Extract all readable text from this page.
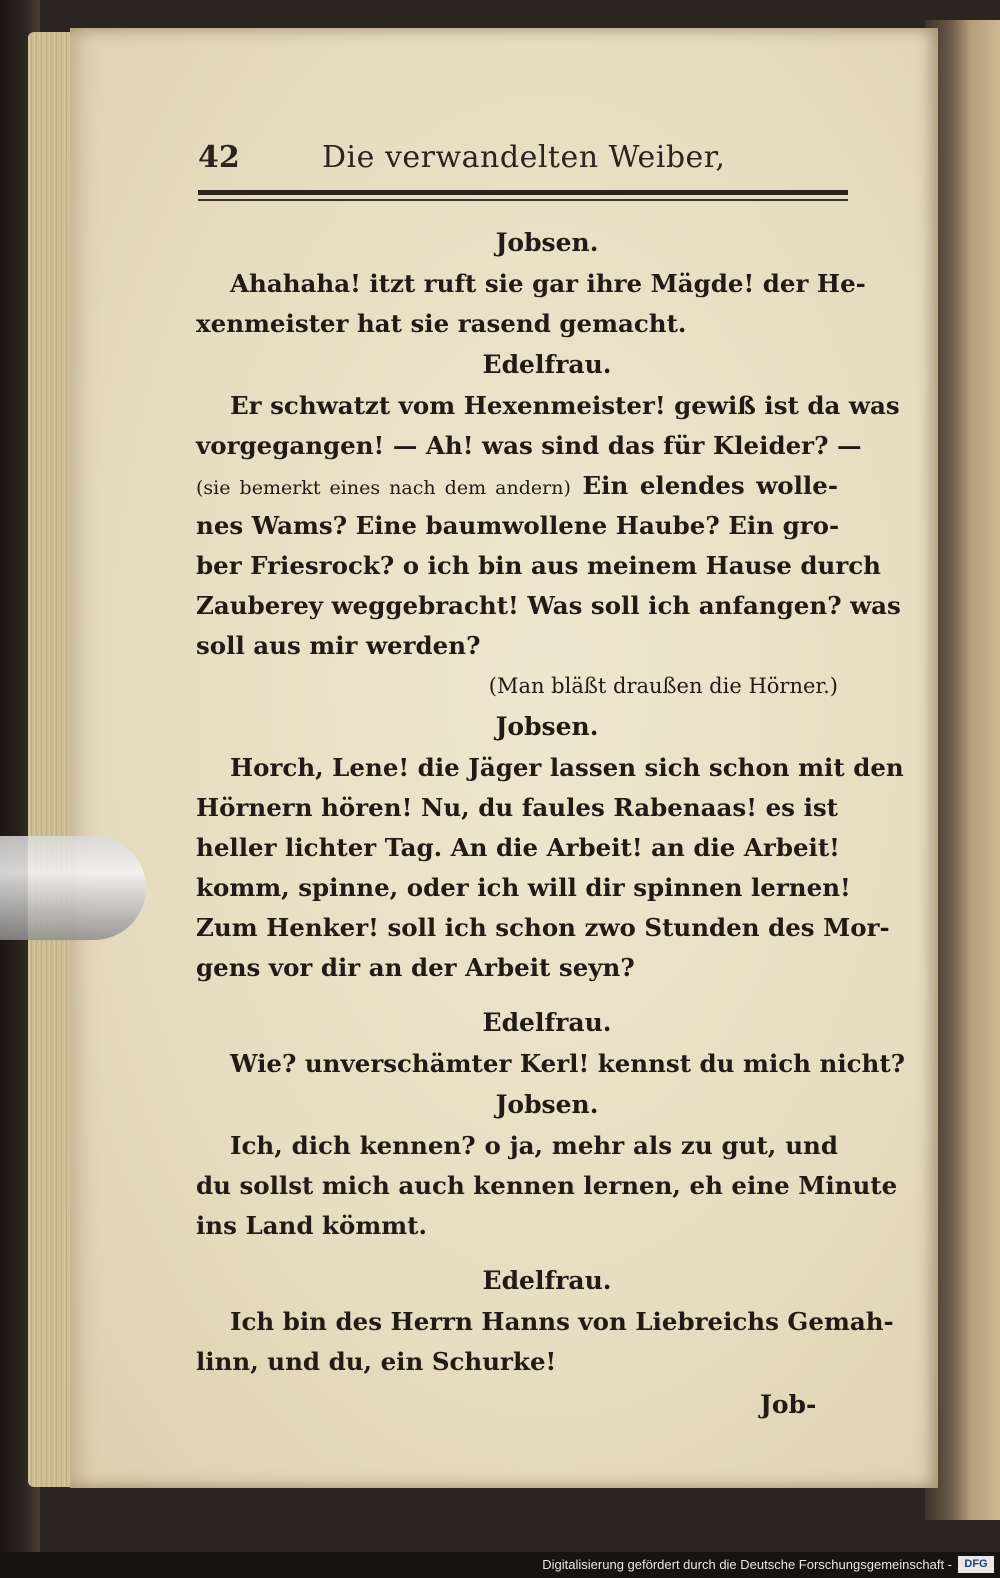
42	Die verwandelten Weiber,
Jobsen.
Ahahaha! itzt ruft sie gar ihre Mägde! der He-
xenmeister hat sie rasend gemacht.
Edelfrau.
Er schwatzt vom Hexenmeister! gewiß ist da was
vorgegangen! — Ah! was sind das für Kleider? —
(sie bemerkt eines nach dem andern) Ein elendes wolle-
nes Wams? Eine baumwollene Haube? Ein gro-
ber Friesrock? o ich bin aus meinem Hause durch
Zauberey weggebracht! Was soll ich anfangen? was
soll aus mir werden?
(Man bläßt draußen die Hörner.)
Jobsen.
Horch, Lene! die Jäger lassen sich schon mit den
Hörnern hören! Nu, du faules Rabenaas! es ist
heller lichter Tag. An die Arbeit! an die Arbeit!
komm, spinne, oder ich will dir spinnen lernen!
Zum Henker! soll ich schon zwo Stunden des Mor-
gens vor dir an der Arbeit seyn?
Edelfrau.
Wie? unverschämter Kerl! kennst du mich nicht?
Jobsen.
Ich, dich kennen? o ja, mehr als zu gut, und
du sollst mich auch kennen lernen, eh eine Minute
ins Land kömmt.
Edelfrau.
Ich bin des Herrn Hanns von Liebreichs Gemah-
linn, und du, ein Schurke!
Job-
Digitalisierung gefördert durch die Deutsche Forschungsgemeinschaft -	DFG
